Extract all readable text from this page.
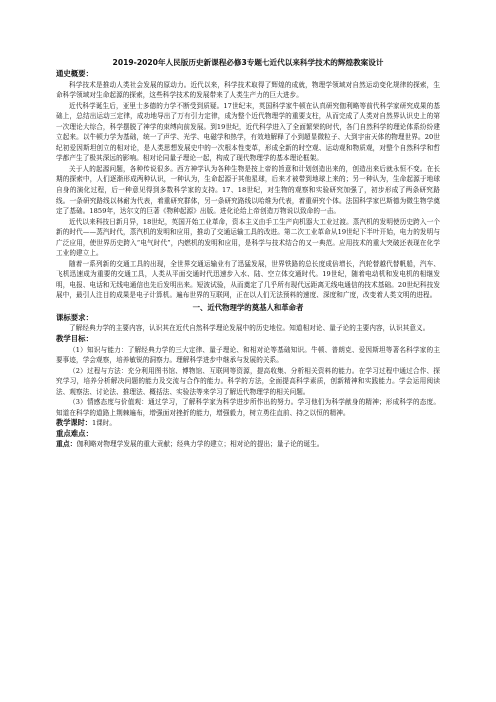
2019-2020年人民版历史新课程必修3专题七近代以来科学技术的辉煌教案设计

通史概要：

科学技术是推动人类社会发展的原动力。近代以来，科学技术取得了辉煌的成就，物理学领域对自然运动变化规律的探索，生命科学领域对生命起源的探索，这些科学技术的发展带来了人类生产力的巨大进步。

近代科学诞生后，亚里士多德的力学不断受到质疑。17世纪末，英国科学家牛顿在认真研究伽利略等前代科学家研究成果的基础上，总结出运动三定律，成功地导出了万有引力定律，成为整个近代物理学的重要支柱，从而完成了人类对自然界认识史上的第一次理论大综合，科学摆脱了神学的束缚向前发展。到19世纪，近代科学进入了全面繁荣的时代，各门自然科学的理论体系纷纷建立起来。以牛顿力学为基础，统一了声学、光学、电磁学和热学，有效地解释了小到超显微粒子、大到宇宙天体的物理世界。20世纪初爱因斯坦创立的相对论，是人类思想发展史中的一次根本性变革，形成全新的时空观、运动观和物质观，对整个自然科学和哲学都产生了极其深远的影响。相对论同量子理论一起，构成了现代物理学的基本理论框架。

关于人的起源问题，各种传说很多。西方神学认为各种生物是按上帝的旨意和计划创造出来的，创造出来后就永恒不变。在长期的探索中，人们逐渐形成两种认识，一种认为，生命起源于其他星球，后来才被带到地球上来的；另一种认为，生命起源于地球自身的演化过程，后一种意见得到多数科学家的支持。17、18世纪，对生物的观察和实验研究加强了，初步形成了两条研究路线。一条研究路线以林耐为代表，着重研究群体，另一条研究路线以哈维为代表，着重研究个体。法国科学家巴斯德为微生物学奠定了基础。1859年，达尔文的巨著《物种起源》出版。进化论给上帝创造万物说以致命的一击。

近代以来科技日新月异，18世纪，英国开始工业革命，资本主义由手工生产向机器大工业过渡。蒸汽机的发明使历史跨入一个新的时代——蒸汽时代，蒸汽机的发明和应用，推动了交通运输工具的改进。第二次工业革命从19世纪下半叶开始，电力的发明与广泛应用，使世界历史跨入“电气时代”，内燃机的发明和应用，是科学与技术结合的又一典范。应用技术的重大突破还表现在化学工业的建立上。

随着一系列新的交通工具的出现，全世界交通运输业有了迅猛发展，世界铁路的总长度成倍增长，汽轮替越代替帆船，汽车、飞机迅速成为重要的交通工具，人类从平面交通时代迅速步入水、陆、空立体交通时代。19世纪，随着电动机和发电机的相继发明，电报、电话和无线电通信也先后发明出来。短波试验，从而奠定了几乎所有现代远距离无线电通信的技术基础。20世纪科技发展中，最引人注目的成果是电子计算机。遍布世界的互联网，正在以人们无法预料的速度、深度和广度，改变着人类文明的进程。

一、近代物理学的奠基人和革命者

课标要求：

了解经典力学的主要内容，认识其在近代自然科学理论发展中的历史地位。知道相对论、量子论的主要内容，认识其意义。

教学目标：

（1）知识与能力：了解经典力学的三大定律、量子理论、和相对论等基础知识。牛顿、普朗克、爱因斯坦等著名科学家的主要事迹，学会观察，培养敏锐的洞察力。理解科学进步中继承与发展的关系。

（2）过程与方法：充分利用图书馆、博物馆、互联网等资源，提高收集、分析相关资料的能力。在学习过程中通过合作、探究学习，培养分析解决问题的能力及交流与合作的能力。科学的方法，全面提高科学素质，创新精神和实践能力。学会运用阅读法、观察法、讨论法、推理法、概括法、实验法等来学习了解近代物理学的相关问题。

（3）情感态度与价值观：通过学习，了解科学家为科学进步所作出的努力。学习他们为科学献身的精神；形成科学的态度。知道在科学的道路上荆棘遍布，增强面对挫折的能力，增强毅力，树立勇往直前、持之以恒的精神。

教学课时：1课时。

重点难点：

重点：伽利略对物理学发展的重大贡献；经典力学的建立；相对论的提出；量子论的诞生。
